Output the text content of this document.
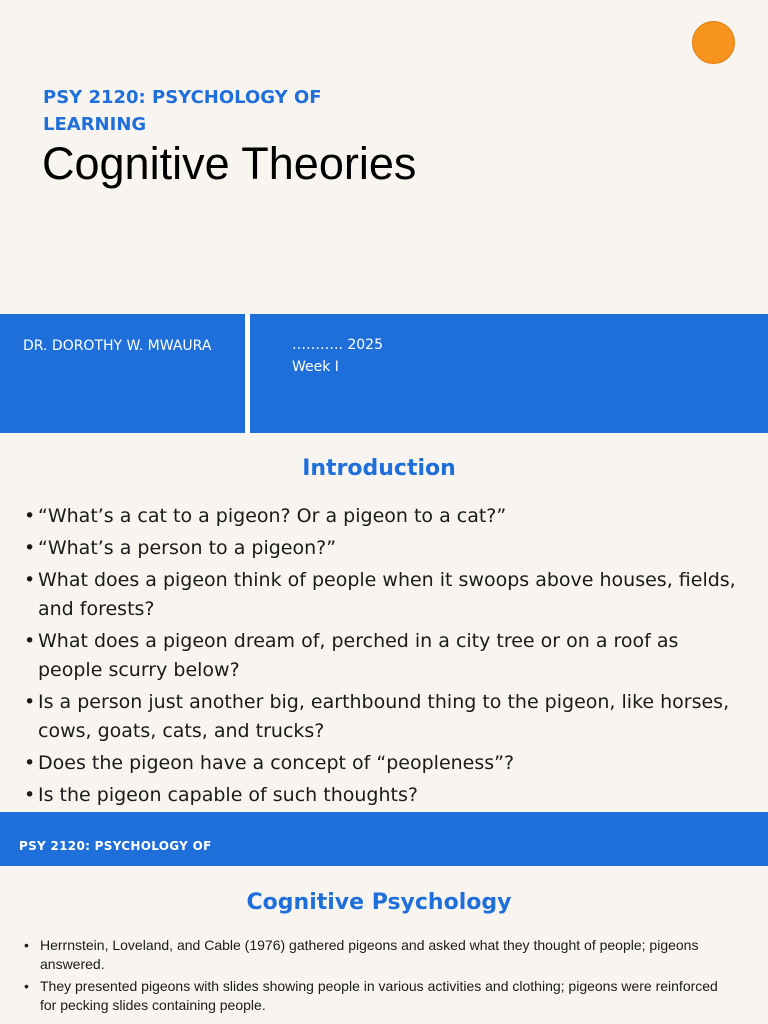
PSY 2120: PSYCHOLOGY OF LEARNING

Cognitive Theories
DR. DOROTHY W. MWAURA	……….. 2025
Week I
Introduction
• “What’s a cat to a pigeon? Or a pigeon to a cat?”
• “What’s a person to a pigeon?”
• What does a pigeon think of people when it swoops above houses, fields, and forests?
• What does a pigeon dream of, perched in a city tree or on a roof as people scurry below?
• Is a person just another big, earthbound thing to the pigeon, like horses, cows, goats, cats, and trucks?
• Does the pigeon have a concept of “peopleness”?
• Is the pigeon capable of such thoughts?
PSY 2120: PSYCHOLOGY OF
Cognitive Psychology
• Herrnstein, Loveland, and Cable (1976) gathered pigeons and asked what they thought of people; pigeons answered.
• They presented pigeons with slides showing people in various activities and clothing; pigeons were reinforced for pecking slides containing people.
